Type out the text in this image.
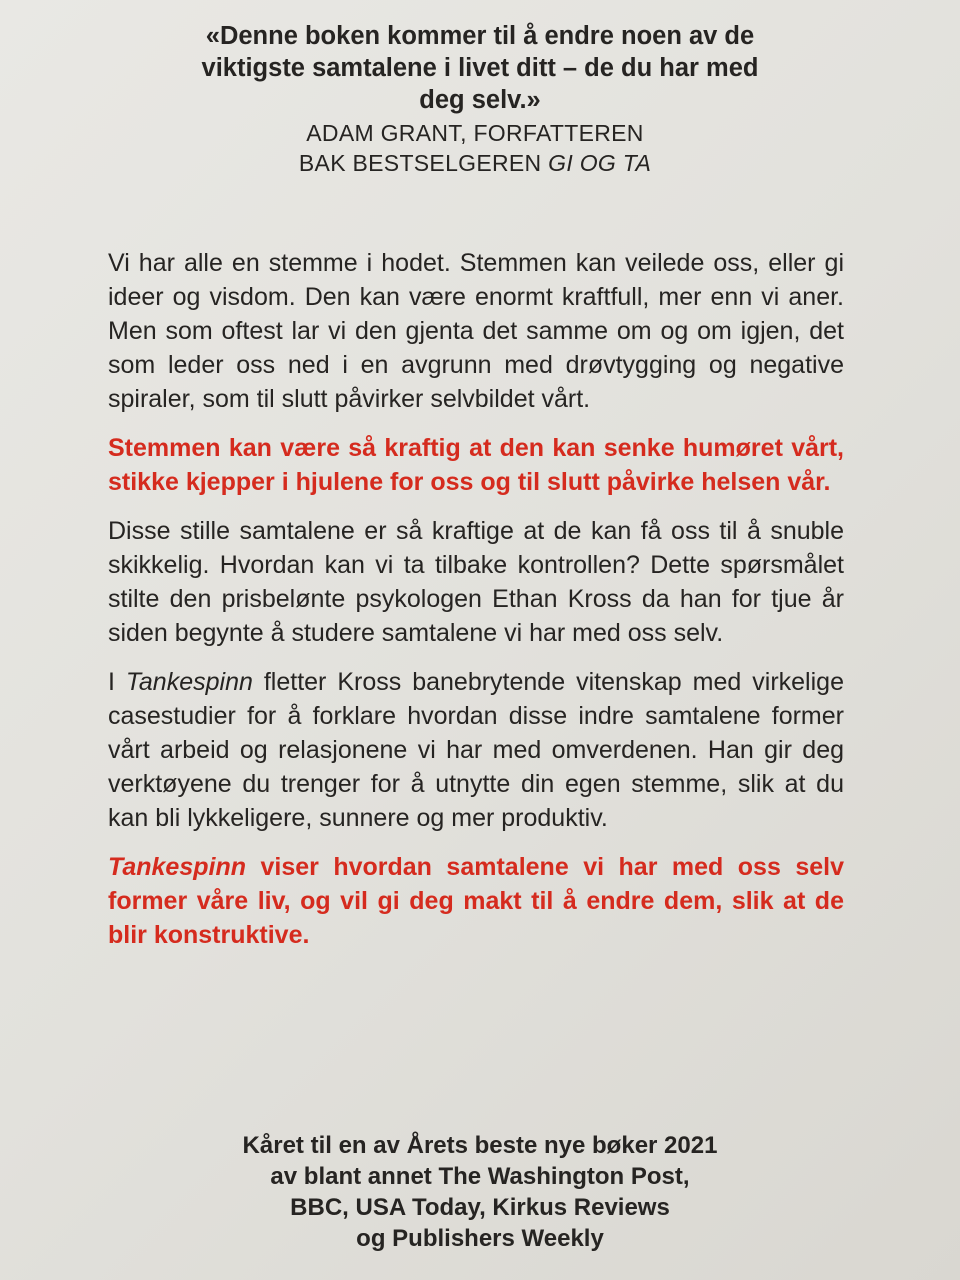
«Denne boken kommer til å endre noen av de viktigste samtalene i livet ditt – de du har med deg selv.»
ADAM GRANT, FORFATTEREN
BAK BESTSELGEREN GI OG TA

Vi har alle en stemme i hodet. Stemmen kan veilede oss, eller gi ideer og visdom. Den kan være enormt kraftfull, mer enn vi aner. Men som oftest lar vi den gjenta det samme om og om igjen, det som leder oss ned i en avgrunn med drøvtygging og negative spiraler, som til slutt påvirker selvbildet vårt.

Stemmen kan være så kraftig at den kan senke humøret vårt, stikke kjepper i hjulene for oss og til slutt påvirke helsen vår.

Disse stille samtalene er så kraftige at de kan få oss til å snuble skikkelig. Hvordan kan vi ta tilbake kontrollen? Dette spørsmålet stilte den prisbelønte psykologen Ethan Kross da han for tjue år siden begynte å studere samtalene vi har med oss selv.

I Tankespinn fletter Kross banebrytende vitenskap med virkelige casestudier for å forklare hvordan disse indre samtalene former vårt arbeid og relasjonene vi har med omverdenen. Han gir deg verktøyene du trenger for å utnytte din egen stemme, slik at du kan bli lykkeligere, sunnere og mer produktiv.

Tankespinn viser hvordan samtalene vi har med oss selv former våre liv, og vil gi deg makt til å endre dem, slik at de blir konstruktive.

Kåret til en av Årets beste nye bøker 2021
av blant annet The Washington Post,
BBC, USA Today, Kirkus Reviews
og Publishers Weekly
